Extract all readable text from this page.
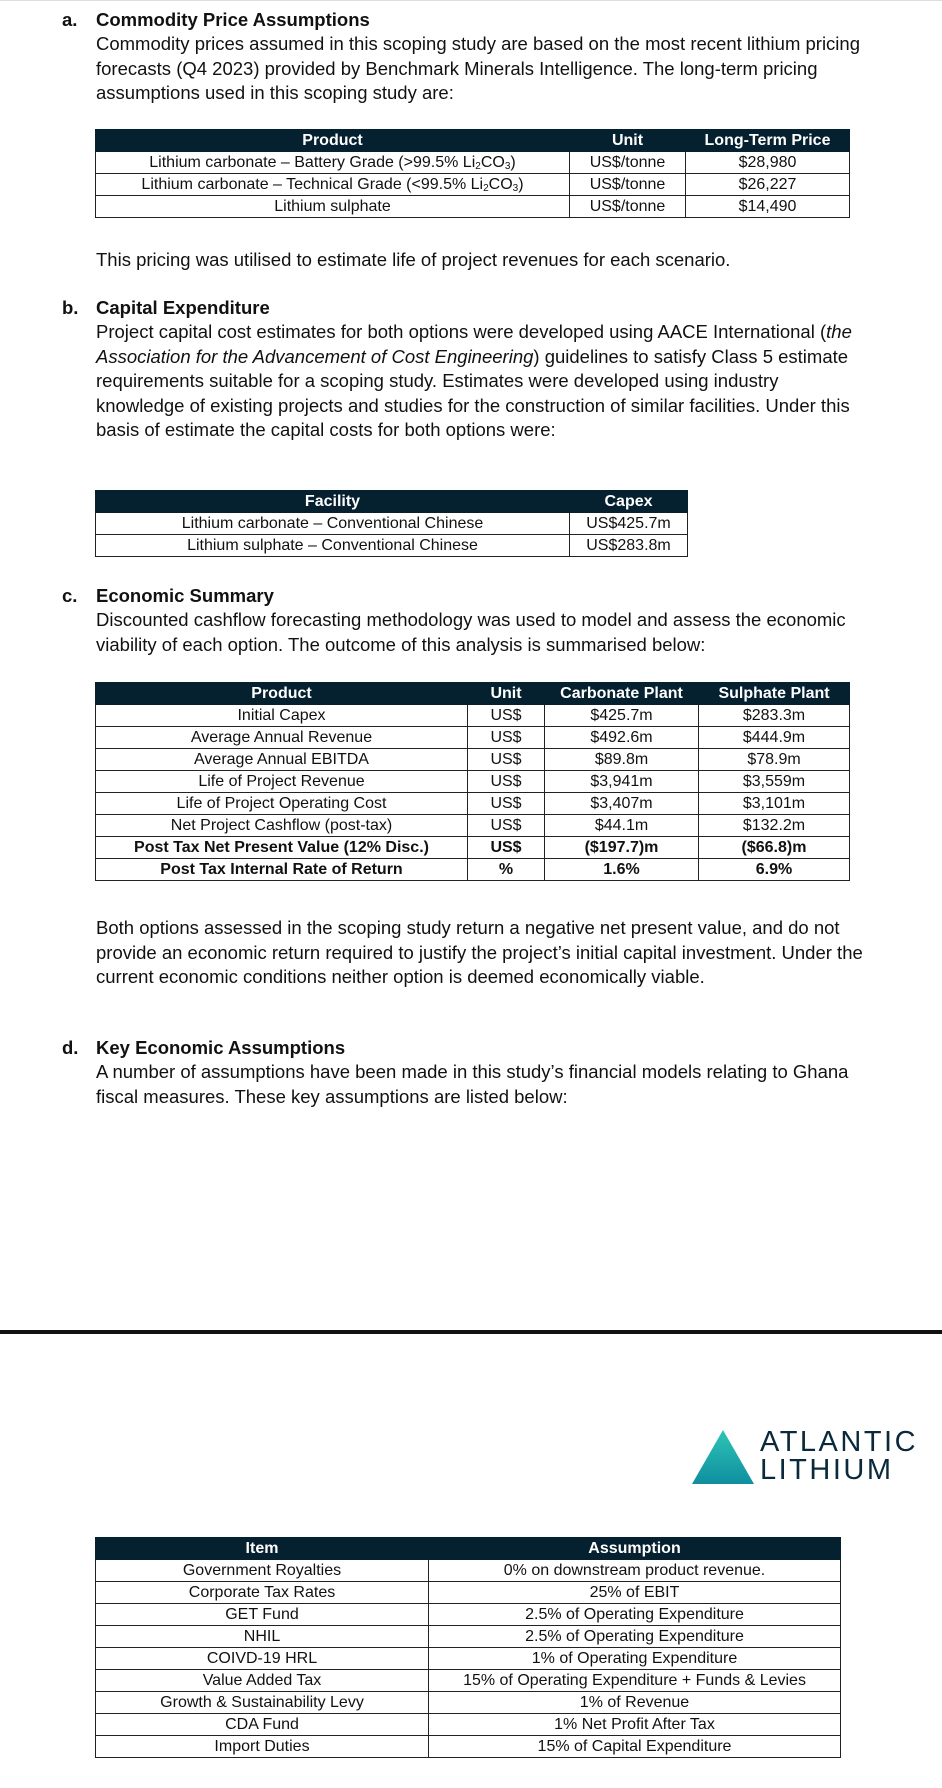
a. Commodity Price Assumptions
Commodity prices assumed in this scoping study are based on the most recent lithium pricing forecasts (Q4 2023) provided by Benchmark Minerals Intelligence. The long-term pricing assumptions used in this scoping study are:
Product	Unit	Long-Term Price
Lithium carbonate – Battery Grade (>99.5% $Li_2CO_3$)	US$/tonne	$28,980
Lithium carbonate – Technical Grade (<99.5% $Li_2CO_3$)	US$/tonne	$26,227
Lithium sulphate	US$/tonne	$14,490
This pricing was utilised to estimate life of project revenues for each scenario.
b. Capital Expenditure
Project capital cost estimates for both options were developed using AACE International (the Association for the Advancement of Cost Engineering) guidelines to satisfy Class 5 estimate requirements suitable for a scoping study. Estimates were developed using industry knowledge of existing projects and studies for the construction of similar facilities. Under this basis of estimate the capital costs for both options were:
Facility	Capex
Lithium carbonate – Conventional Chinese	US$425.7m
Lithium sulphate – Conventional Chinese	US$283.8m
c. Economic Summary
Discounted cashflow forecasting methodology was used to model and assess the economic viability of each option. The outcome of this analysis is summarised below:
Product	Unit	Carbonate Plant	Sulphate Plant
Initial Capex	US$	$425.7m	$283.3m
Average Annual Revenue	US$	$492.6m	$444.9m
Average Annual EBITDA	US$	$89.8m	$78.9m
Life of Project Revenue	US$	$3,941m	$3,559m
Life of Project Operating Cost	US$	$3,407m	$3,101m
Net Project Cashflow (post-tax)	US$	$44.1m	$132.2m
Post Tax Net Present Value (12% Disc.)	US$	($197.7)m	($66.8)m
Post Tax Internal Rate of Return	%	1.6%	6.9%
Both options assessed in the scoping study return a negative net present value, and do not provide an economic return required to justify the project’s initial capital investment. Under the current economic conditions neither option is deemed economically viable.
d. Key Economic Assumptions
A number of assumptions have been made in this study’s financial models relating to Ghana fiscal measures. These key assumptions are listed below:
ATLANTIC
LITHIUM
Item	Assumption
Government Royalties	0% on downstream product revenue.
Corporate Tax Rates	25% of EBIT
GET Fund	2.5% of Operating Expenditure
NHIL	2.5% of Operating Expenditure
COIVD-19 HRL	1% of Operating Expenditure
Value Added Tax	15% of Operating Expenditure + Funds & Levies
Growth & Sustainability Levy	1% of Revenue
CDA Fund	1% Net Profit After Tax
Import Duties	15% of Capital Expenditure
